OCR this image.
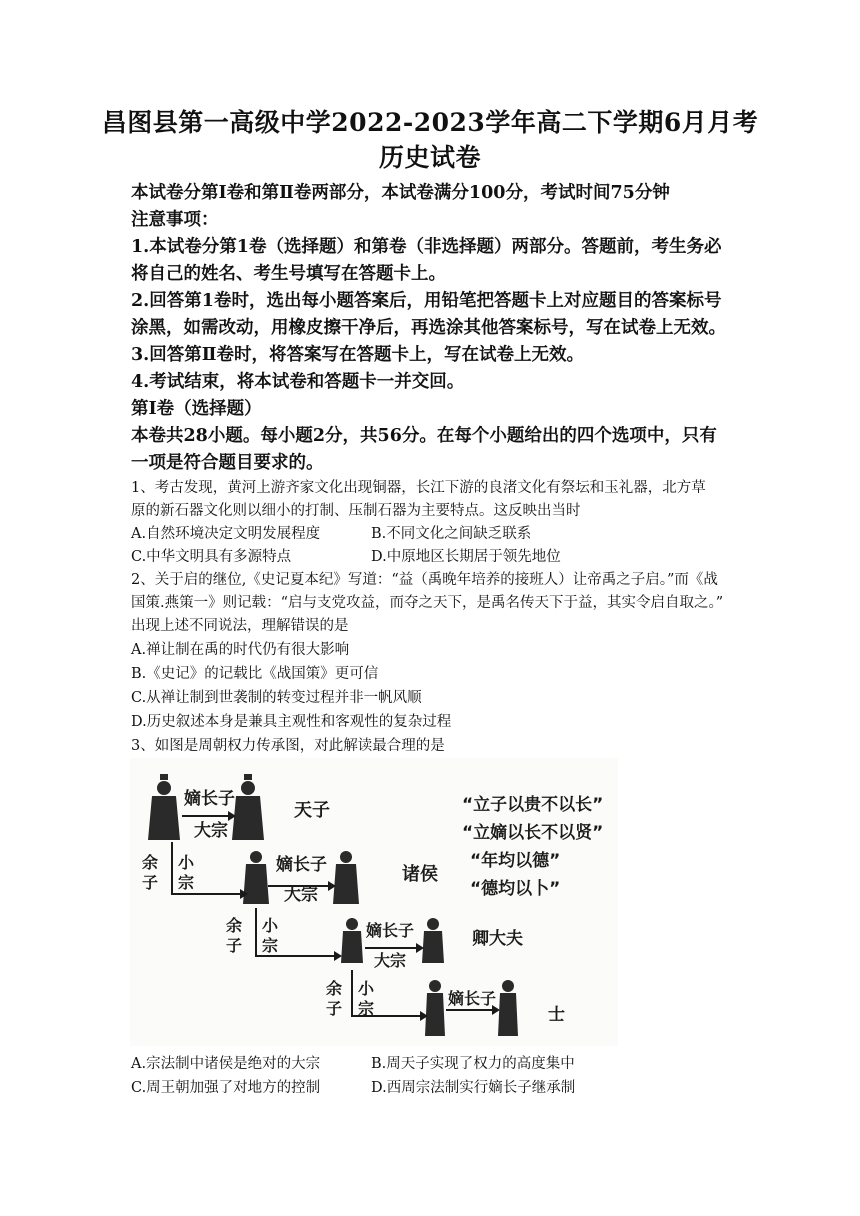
昌图县第一高级中学2022-2023学年高二下学期6月月考
历史试卷
本试卷分第Ⅰ卷和第Ⅱ卷两部分，本试卷满分100分，考试时间75分钟
注意事项：
1.本试卷分第1卷（选择题）和第卷（非选择题）两部分。答题前，考生务必
将自己的姓名、考生号填写在答题卡上。
2.回答第1卷时，选出每小题答案后，用铅笔把答题卡上对应题目的答案标号
涂黑，如需改动，用橡皮擦干净后，再选涂其他答案标号，写在试卷上无效。
3.回答第Ⅱ卷时，将答案写在答题卡上，写在试卷上无效。
4.考试结束，将本试卷和答题卡一并交回。
第Ⅰ卷（选择题）
本卷共28小题。每小题2分，共56分。在每个小题给出的四个选项中，只有
一项是符合题目要求的。
1、考古发现，黄河上游齐家文化出现铜器，长江下游的良渚文化有祭坛和玉礼器，北方草
原的新石器文化则以细小的打制、压制石器为主要特点。这反映出当时
A.自然环境决定文明发展程度	B.不同文化之间缺乏联系
C.中华文明具有多源特点	D.中原地区长期居于领先地位
2、关于启的继位,《史记夏本纪》写道：“益（禹晚年培养的接班人）让帝禹之子启。”而《战
国策.燕策一》则记载：“启与支党攻益，而夺之天下，是禹名传天下于益，其实令启自取之。”
出现上述不同说法，理解错误的是
A.禅让制在禹的时代仍有很大影响
B.《史记》的记载比《战国策》更可信
C.从禅让制到世袭制的转变过程并非一帆风顺
D.历史叙述本身是兼具主观性和客观性的复杂过程
3、如图是周朝权力传承图，对此解读最合理的是
嫡长子
大宗
天子
余
子
小
宗
嫡长子
大宗
诸侯
余
子
小
宗
嫡长子
大宗
卿大夫
余
子
小
宗
嫡长子
士
“立子以贵不以长”
“立嫡以长不以贤”
“年均以德”
“德均以卜”
A.宗法制中诸侯是绝对的大宗	B.周天子实现了权力的高度集中
C.周王朝加强了对地方的控制	D.西周宗法制实行嫡长子继承制
